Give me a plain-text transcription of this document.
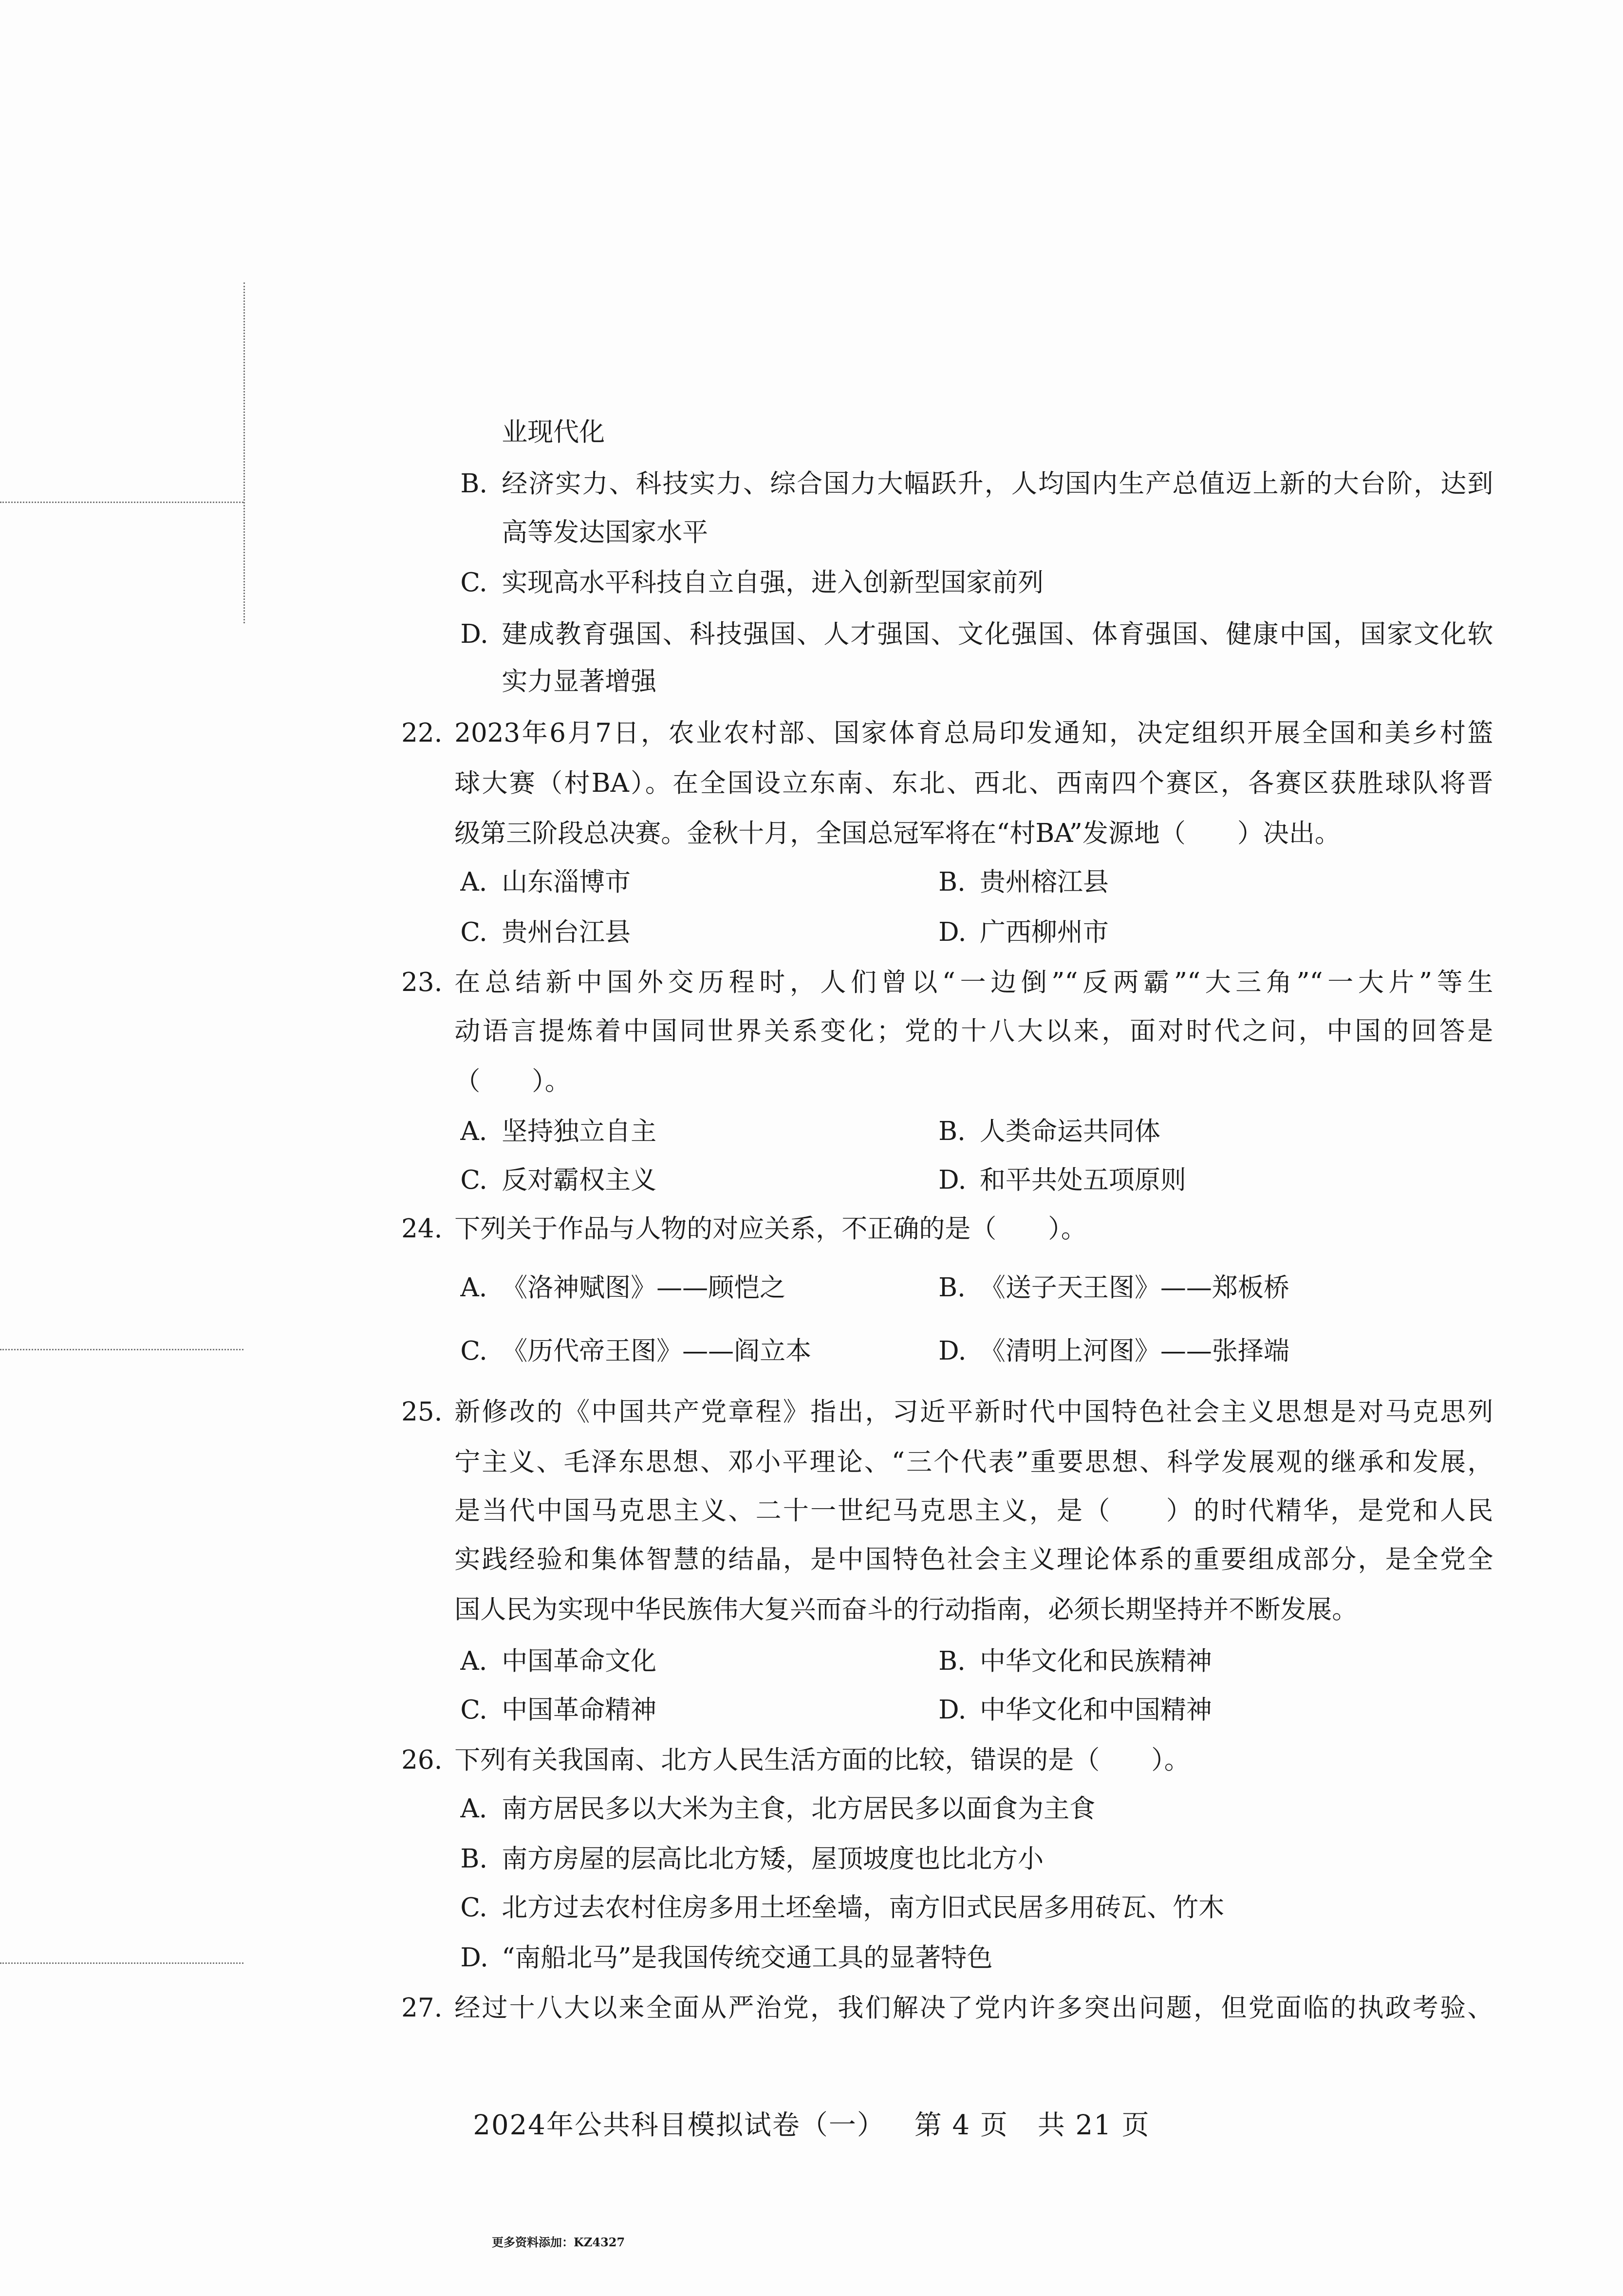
2024年公共科目模拟试卷（一） 第 4 页 共 21 页
更多资料添加：KZ4327
业现代化
B. 经济实力、科技实力、综合国力大幅跃升，人均国内生产总值迈上新的大台阶，达到
高等发达国家水平
C. 实现高水平科技自立自强，进入创新型国家前列
D. 建成教育强国、科技强国、人才强国、文化强国、体育强国、健康中国，国家文化软
实力显著增强
22. 2023年6月7日，农业农村部、国家体育总局印发通知，决定组织开展全国和美乡村篮
球大赛（村BA）。在全国设立东南、东北、西北、西南四个赛区，各赛区获胜球队将晋
级第三阶段总决赛。金秋十月，全国总冠军将在“村BA”发源地（　　）决出。
A. 山东淄博市	B. 贵州榕江县
C. 贵州台江县	D. 广西柳州市
23. 在总结新中国外交历程时，人们曾以“一边倒”“反两霸”“大三角”“一大片”等生
动语言提炼着中国同世界关系变化；党的十八大以来，面对时代之问，中国的回答是
（　　）。
A. 坚持独立自主	B. 人类命运共同体
C. 反对霸权主义	D. 和平共处五项原则
24. 下列关于作品与人物的对应关系，不正确的是（　　）。
A. 《洛神赋图》——顾恺之	B. 《送子天王图》——郑板桥
C. 《历代帝王图》——阎立本	D. 《清明上河图》——张择端
25. 新修改的《中国共产党章程》指出，习近平新时代中国特色社会主义思想是对马克思列
宁主义、毛泽东思想、邓小平理论、“三个代表”重要思想、科学发展观的继承和发展，
是当代中国马克思主义、二十一世纪马克思主义，是（　　）的时代精华，是党和人民
实践经验和集体智慧的结晶，是中国特色社会主义理论体系的重要组成部分，是全党全
国人民为实现中华民族伟大复兴而奋斗的行动指南，必须长期坚持并不断发展。
A. 中国革命文化	B. 中华文化和民族精神
C. 中国革命精神	D. 中华文化和中国精神
26. 下列有关我国南、北方人民生活方面的比较，错误的是（　　）。
A. 南方居民多以大米为主食，北方居民多以面食为主食
B. 南方房屋的层高比北方矮，屋顶坡度也比北方小
C. 北方过去农村住房多用土坯垒墙，南方旧式民居多用砖瓦、竹木
D. “南船北马”是我国传统交通工具的显著特色
27. 经过十八大以来全面从严治党，我们解决了党内许多突出问题，但党面临的执政考验、
